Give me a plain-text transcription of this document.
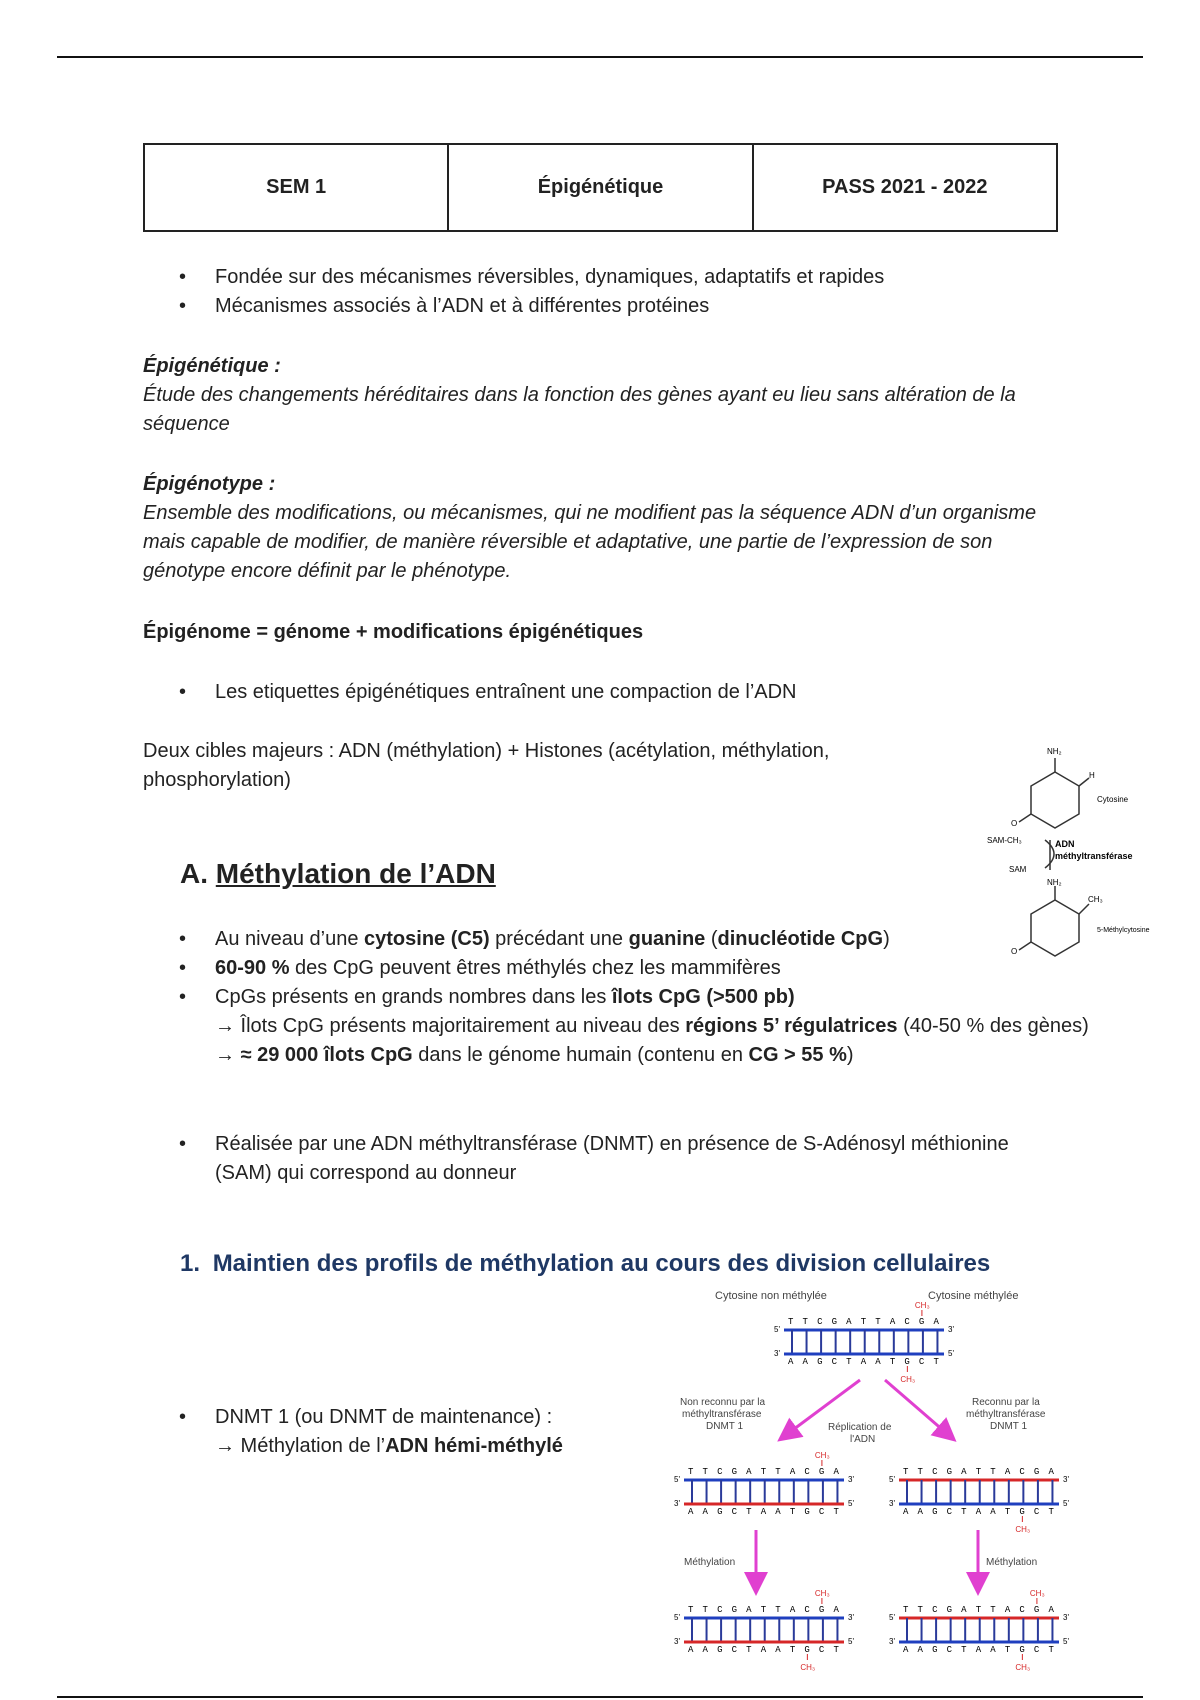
SEM 1	Épigénétique	PASS 2021 - 2022
• Fondée sur des mécanismes réversibles, dynamiques, adaptatifs et rapides
• Mécanismes associés à l’ADN et à différentes protéines
Épigénétique :
Étude des changements héréditaires dans la fonction des gènes ayant eu lieu sans altération de la séquence
Épigénotype :
Ensemble des modifications, ou mécanismes, qui ne modifient pas la séquence ADN d’un organisme mais capable de modifier, de manière réversible et adaptative, une partie de l’expression de son génotype encore définit par le phénotype.
Épigénome = génome + modifications épigénétiques
• Les etiquettes épigénétiques entraînent une compaction de l’ADN
Deux cibles majeurs : ADN (méthylation) + Histones (acétylation, méthylation, phosphorylation)
A. Méthylation de l’ADN
• Au niveau d’une cytosine (C5) précédant une guanine (dinucléotide CpG)
• 60-90 % des CpG peuvent êtres méthylés chez les mammifères
• CpGs présents en grands nombres dans les îlots CpG (>500 pb)
→ Îlots CpG présents majoritairement au niveau des régions 5’ régulatrices (40-50 % des gènes)
→ ≈ 29 000 îlots CpG dans le génome humain (contenu en CG > 55 %)
• Réalisée par une ADN méthyltransférase (DNMT) en présence de S-Adénosyl méthionine (SAM) qui correspond au donneur
1. Maintien des profils de méthylation au cours des division cellulaires
• DNMT 1 (ou DNMT de maintenance) :
→ Méthylation de l’ADN hémi-méthylé
NH₂
H
Cytosine
O
SAM-CH₃
SAM
ADN
méthyltransférase
NH₂
CH₃
5-Méthylcytosine
O
Cytosine non méthylée	Cytosine méthylée
Non reconnu par la
méthyltransférase
DNMT 1
Reconnu par la
méthyltransférase
DNMT 1
Réplication de
l'ADN
Méthylation	Méthylation
T T C G A T T A C G A
A A G C T A A T G C T
5'	3'
3'	5'
CH₃
CH₃
T T C G A T T A C G A
A A G C T A A T G C T
5'	3'
3'	5'
CH₃
T T C G A T T A C G A
A A G C T A A T G C T
5'	3'
3'	5'
CH₃
T T C G A T T A C G A
A A G C T A A T G C T
5'	3'
3'	5'
CH₃
CH₃
T T C G A T T A C G A
A A G C T A A T G C T
5'	3'
3'	5'
CH₃
CH₃
